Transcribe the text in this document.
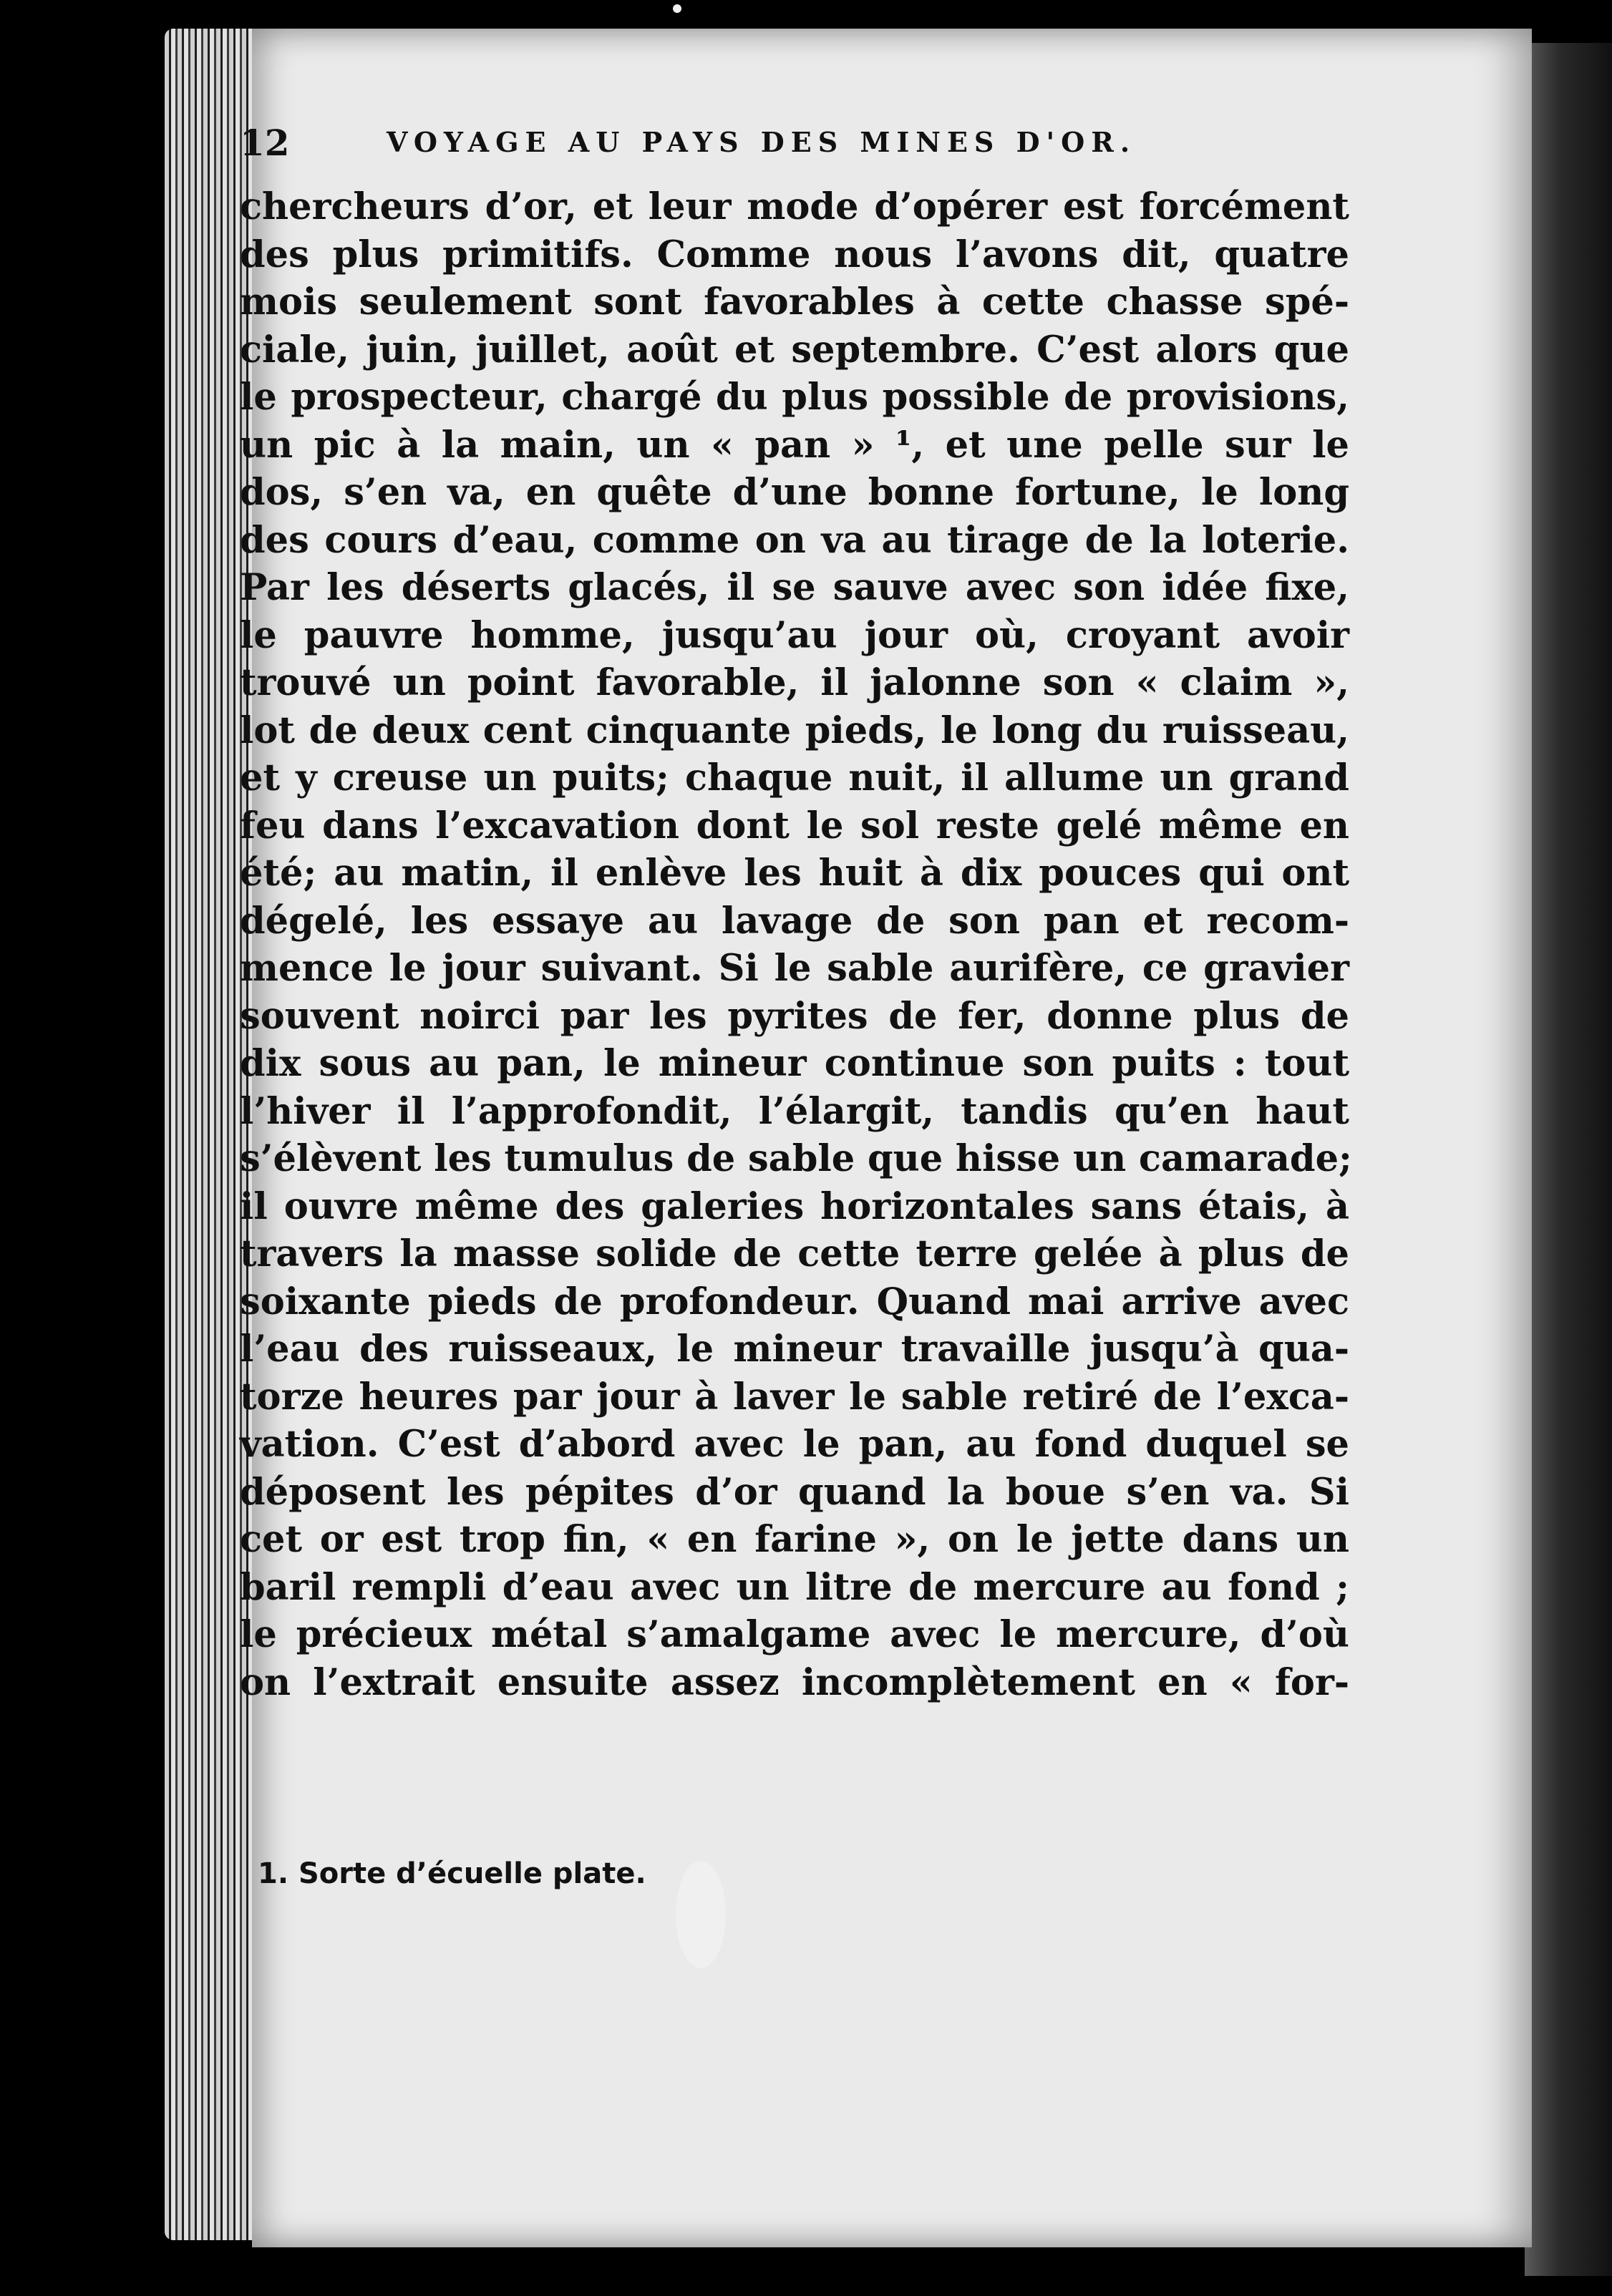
12	VOYAGE AU PAYS DES MINES D'OR.
chercheurs d’or, et leur mode d’opérer est forcément
des plus primitifs. Comme nous l’avons dit, quatre
mois seulement sont favorables à cette chasse spé-
ciale, juin, juillet, août et septembre. C’est alors que
le prospecteur, chargé du plus possible de provisions,
un pic à la main, un « pan » ¹, et une pelle sur le
dos, s’en va, en quête d’une bonne fortune, le long
des cours d’eau, comme on va au tirage de la loterie.
Par les déserts glacés, il se sauve avec son idée fixe,
le pauvre homme, jusqu’au jour où, croyant avoir
trouvé un point favorable, il jalonne son « claim »,
lot de deux cent cinquante pieds, le long du ruisseau,
et y creuse un puits; chaque nuit, il allume un grand
feu dans l’excavation dont le sol reste gelé même en
été; au matin, il enlève les huit à dix pouces qui ont
dégelé, les essaye au lavage de son pan et recom-
mence le jour suivant. Si le sable aurifère, ce gravier
souvent noirci par les pyrites de fer, donne plus de
dix sous au pan, le mineur continue son puits : tout
l’hiver il l’approfondit, l’élargit, tandis qu’en haut
s’élèvent les tumulus de sable que hisse un camarade;
il ouvre même des galeries horizontales sans étais, à
travers la masse solide de cette terre gelée à plus de
soixante pieds de profondeur. Quand mai arrive avec
l’eau des ruisseaux, le mineur travaille jusqu’à qua-
torze heures par jour à laver le sable retiré de l’exca-
vation. C’est d’abord avec le pan, au fond duquel se
déposent les pépites d’or quand la boue s’en va. Si
cet or est trop fin, « en farine », on le jette dans un
baril rempli d’eau avec un litre de mercure au fond ;
le précieux métal s’amalgame avec le mercure, d’où
on l’extrait ensuite assez incomplètement en « for-
1. Sorte d’écuelle plate.
